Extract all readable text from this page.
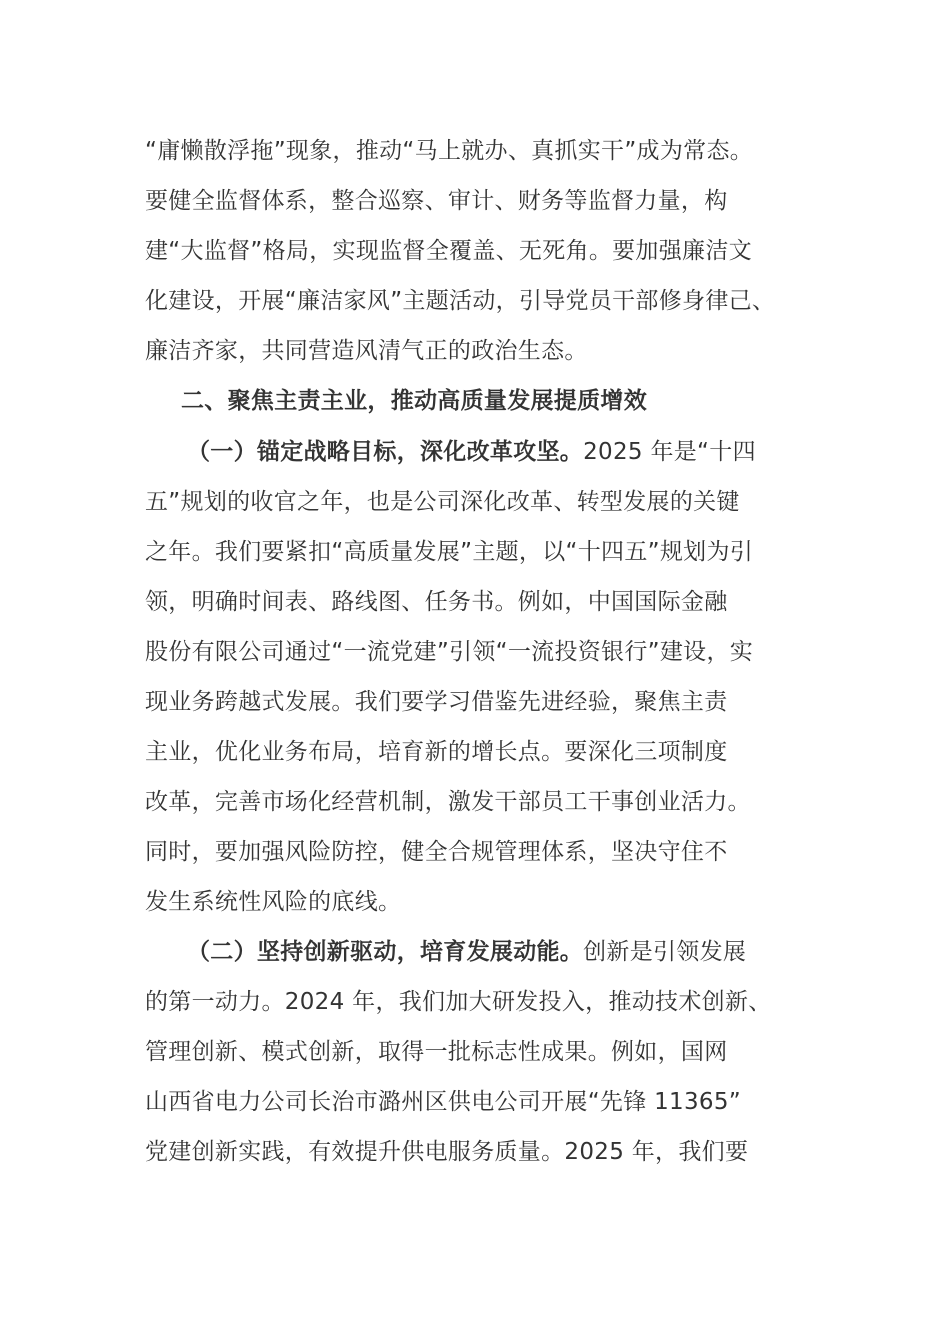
“庸懒散浮拖”现象，推动“马上就办、真抓实干”成为常态。
要健全监督体系，整合巡察、审计、财务等监督力量，构
建“大监督”格局，实现监督全覆盖、无死角。要加强廉洁文
化建设，开展“廉洁家风”主题活动，引导党员干部修身律己、
廉洁齐家，共同营造风清气正的政治生态。
二、聚焦主责主业，推动高质量发展提质增效
（一）锚定战略目标，深化改革攻坚。2025 年是“十四
五”规划的收官之年，也是公司深化改革、转型发展的关键
之年。我们要紧扣“高质量发展”主题，以“十四五”规划为引
领，明确时间表、路线图、任务书。例如，中国国际金融
股份有限公司通过“一流党建”引领“一流投资银行”建设，实
现业务跨越式发展。我们要学习借鉴先进经验，聚焦主责
主业，优化业务布局，培育新的增长点。要深化三项制度
改革，完善市场化经营机制，激发干部员工干事创业活力。
同时，要加强风险防控，健全合规管理体系，坚决守住不
发生系统性风险的底线。
（二）坚持创新驱动，培育发展动能。创新是引领发展
的第一动力。2024 年，我们加大研发投入，推动技术创新、
管理创新、模式创新，取得一批标志性成果。例如，国网
山西省电力公司长治市潞州区供电公司开展“先锋 11365”
党建创新实践，有效提升供电服务质量。2025 年，我们要
